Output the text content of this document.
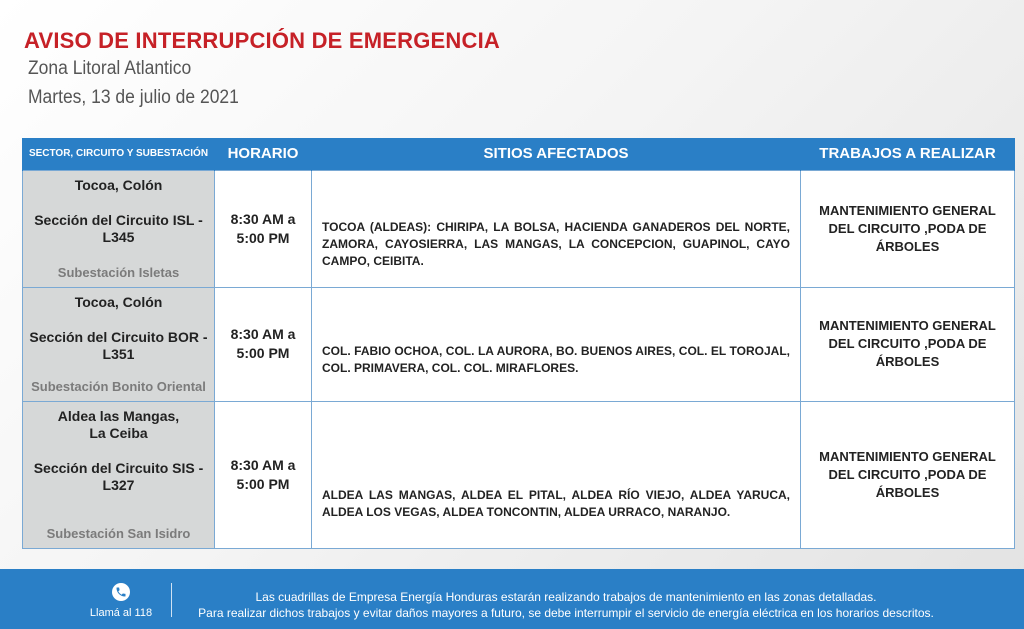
AVISO DE INTERRUPCIÓN DE EMERGENCIA
Zona Litoral Atlantico
Martes, 13 de julio de 2021
SECTOR, CIRCUITO Y SUBESTACIÓN	HORARIO	SITIOS AFECTADOS	TRABAJOS A REALIZAR

Tocoa, Colón
Sección del Circuito ISL - L345
Subestación Isletas	8:30 AM a 5:00 PM	TOCOA (ALDEAS): CHIRIPA, LA BOLSA, HACIENDA GANADEROS DEL NORTE, ZAMORA, CAYOSIERRA, LAS MANGAS, LA CONCEPCION, GUAPINOL, CAYO CAMPO, CEIBITA.	MANTENIMIENTO GENERAL DEL CIRCUITO ,PODA DE ÁRBOLES

Tocoa, Colón
Sección del Circuito BOR - L351
Subestación Bonito Oriental	8:30 AM a 5:00 PM	COL. FABIO OCHOA, COL. LA AURORA, BO. BUENOS AIRES, COL. EL TOROJAL, COL. PRIMAVERA, COL. COL. MIRAFLORES.	MANTENIMIENTO GENERAL DEL CIRCUITO ,PODA DE ÁRBOLES

Aldea las Mangas, La Ceiba
Sección del Circuito SIS - L327
Subestación San Isidro	8:30 AM a 5:00 PM	ALDEA LAS MANGAS, ALDEA EL PITAL, ALDEA RÍO VIEJO, ALDEA YARUCA, ALDEA LOS VEGAS, ALDEA TONCONTIN, ALDEA URRACO, NARANJO.	MANTENIMIENTO GENERAL DEL CIRCUITO ,PODA DE ÁRBOLES
Llamá al 118
Las cuadrillas de Empresa Energía Honduras estarán realizando trabajos de mantenimiento en las zonas detalladas.
Para realizar dichos trabajos y evitar daños mayores a futuro, se debe interrumpir el servicio de energía eléctrica en los horarios descritos.
